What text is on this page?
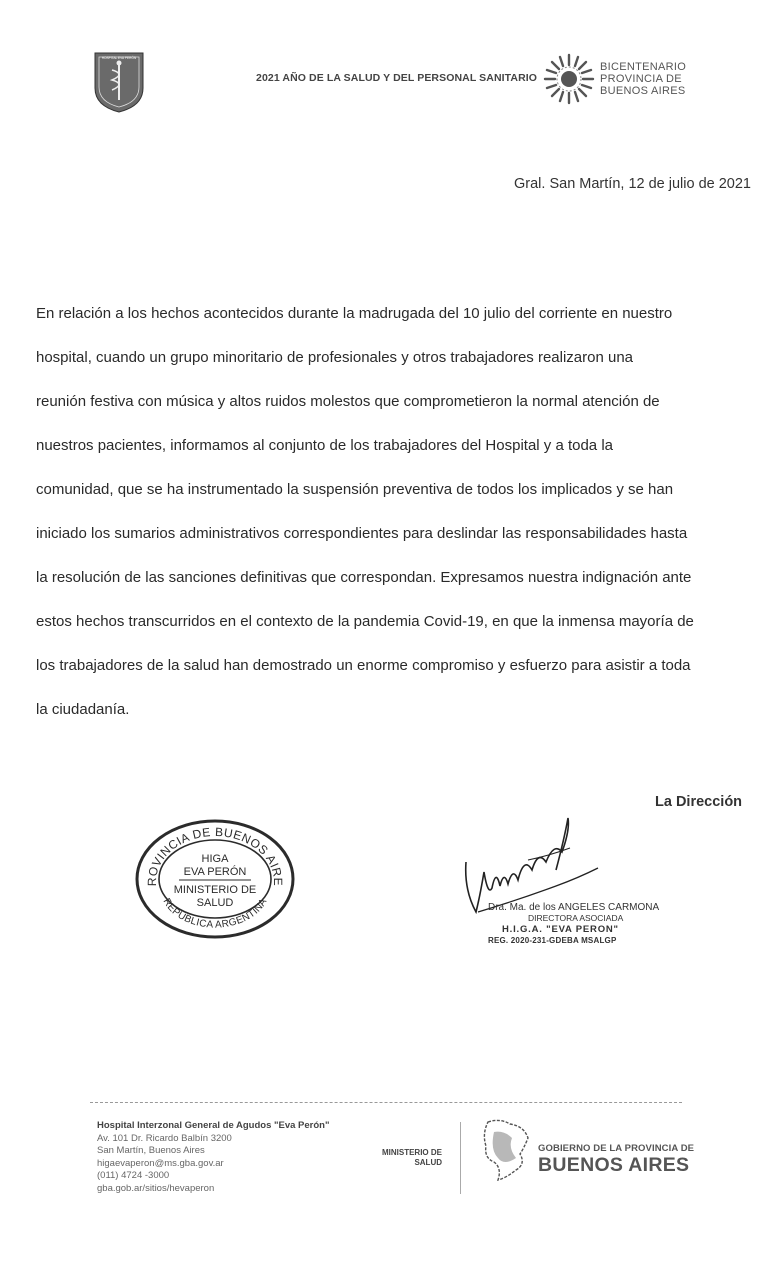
HOSPITAL EVA PERÓN
2021 AÑO DE LA SALUD Y DEL PERSONAL SANITARIO
BICENTENARIO
PROVINCIA DE
BUENOS AIRES
Gral. San Martín, 12 de julio de 2021
En relación a los hechos acontecidos durante la madrugada del 10 julio del corriente en nuestro
hospital, cuando un grupo minoritario de profesionales y otros trabajadores realizaron una
reunión festiva con música y altos ruidos molestos que comprometieron la normal atención de
nuestros pacientes, informamos al conjunto de los trabajadores del Hospital y a toda la
comunidad, que se ha instrumentado la suspensión preventiva de todos los implicados y se han
iniciado los sumarios administrativos correspondientes para deslindar las responsabilidades hasta
la resolución de las sanciones definitivas que correspondan. Expresamos nuestra indignación ante
estos hechos transcurridos en el contexto de la pandemia Covid-19, en que la inmensa mayoría de
los trabajadores de la salud han demostrado un enorme compromiso y esfuerzo para asistir a toda
la ciudadanía.
La Dirección
ROVINCIA DE BUENOS AIRE
REPUBLICA ARGENTINA
HIGA
EVA PERÓN
MINISTERIO DE
SALUD	Dra. Ma. de los ANGELES CARMONA
DIRECTORA ASOCIADA
H.I.G.A. "EVA PERON"
REG. 2020-231-GDEBA MSALGP
Hospital Interzonal General de Agudos "Eva Perón"
Av. 101 Dr. Ricardo Balbín 3200
San Martín, Buenos Aires
higaevaperon@ms.gba.gov.ar
(011) 4724 -3000
gba.gob.ar/sitios/hevaperon
MINISTERIO DE
SALUD
GOBIERNO DE LA PROVINCIA DE
BUENOS AIRES
